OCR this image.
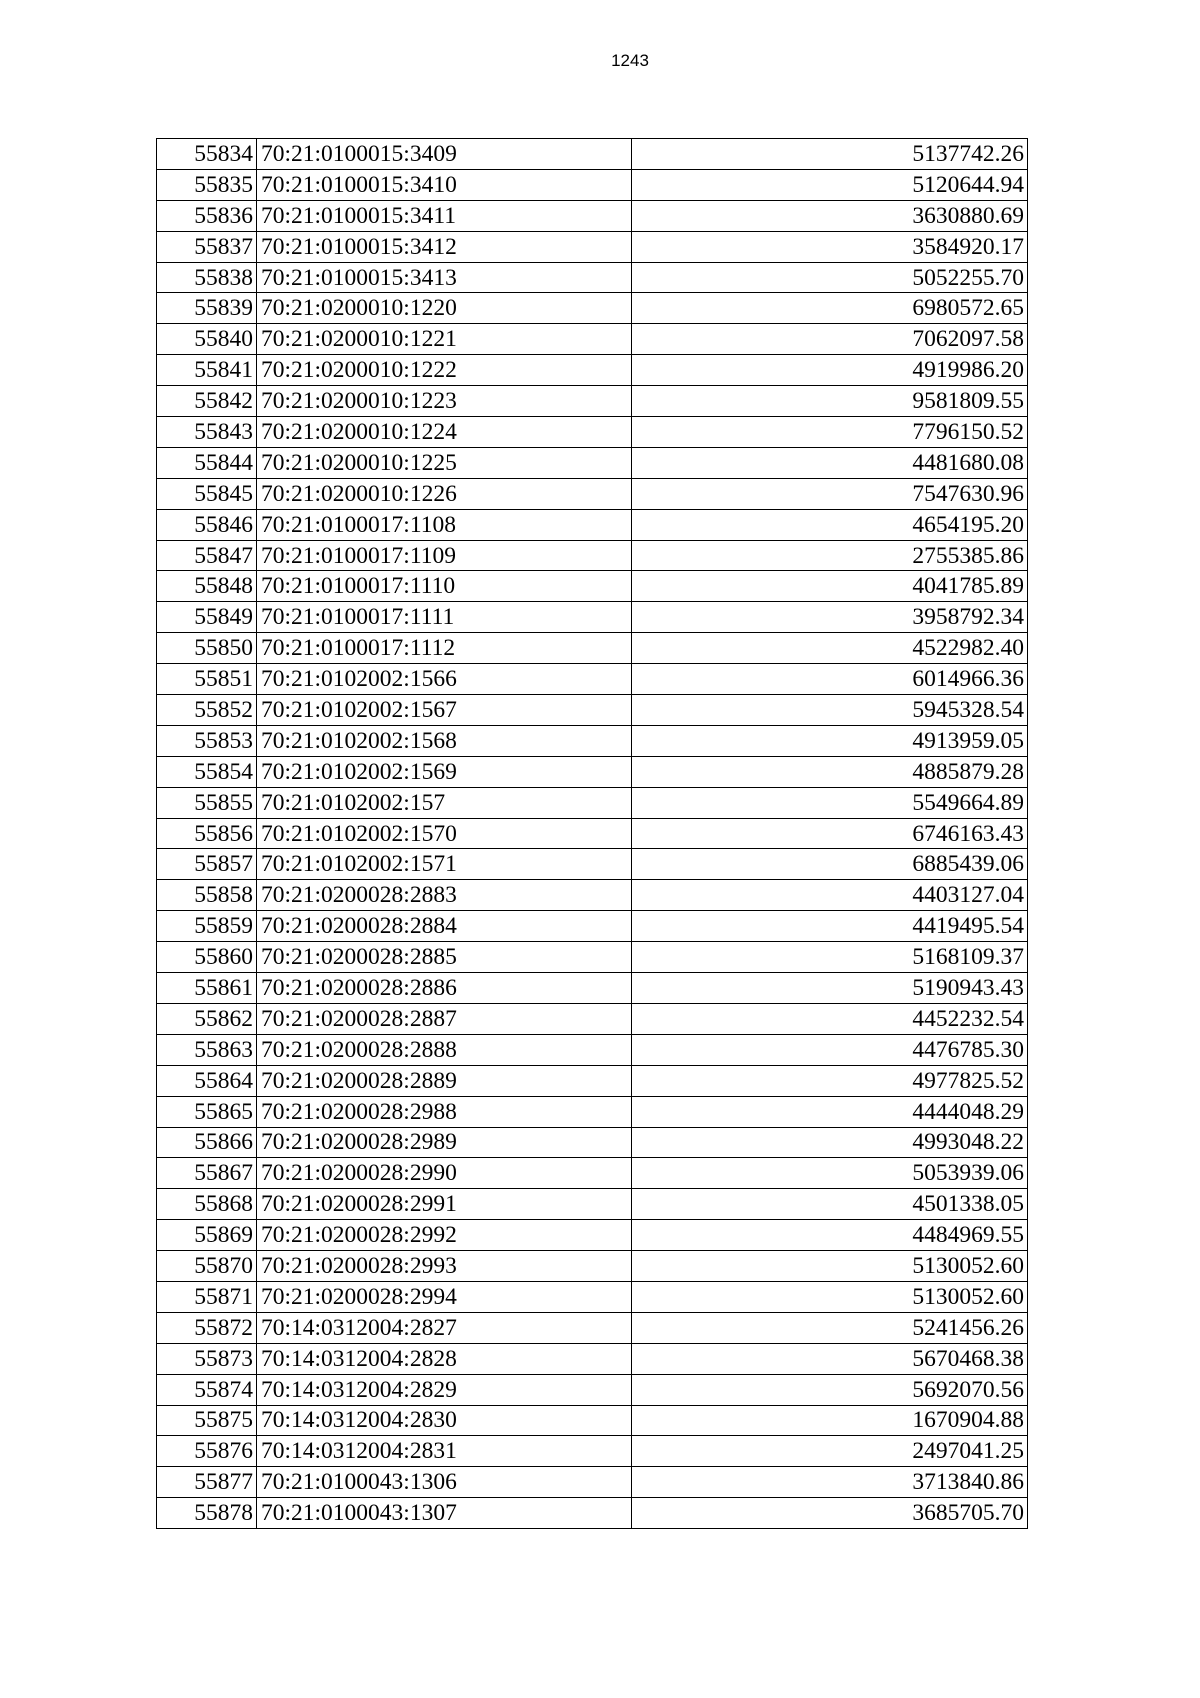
1243
55834	70:21:0100015:3409	5137742.26
55835	70:21:0100015:3410	5120644.94
55836	70:21:0100015:3411	3630880.69
55837	70:21:0100015:3412	3584920.17
55838	70:21:0100015:3413	5052255.70
55839	70:21:0200010:1220	6980572.65
55840	70:21:0200010:1221	7062097.58
55841	70:21:0200010:1222	4919986.20
55842	70:21:0200010:1223	9581809.55
55843	70:21:0200010:1224	7796150.52
55844	70:21:0200010:1225	4481680.08
55845	70:21:0200010:1226	7547630.96
55846	70:21:0100017:1108	4654195.20
55847	70:21:0100017:1109	2755385.86
55848	70:21:0100017:1110	4041785.89
55849	70:21:0100017:1111	3958792.34
55850	70:21:0100017:1112	4522982.40
55851	70:21:0102002:1566	6014966.36
55852	70:21:0102002:1567	5945328.54
55853	70:21:0102002:1568	4913959.05
55854	70:21:0102002:1569	4885879.28
55855	70:21:0102002:157	5549664.89
55856	70:21:0102002:1570	6746163.43
55857	70:21:0102002:1571	6885439.06
55858	70:21:0200028:2883	4403127.04
55859	70:21:0200028:2884	4419495.54
55860	70:21:0200028:2885	5168109.37
55861	70:21:0200028:2886	5190943.43
55862	70:21:0200028:2887	4452232.54
55863	70:21:0200028:2888	4476785.30
55864	70:21:0200028:2889	4977825.52
55865	70:21:0200028:2988	4444048.29
55866	70:21:0200028:2989	4993048.22
55867	70:21:0200028:2990	5053939.06
55868	70:21:0200028:2991	4501338.05
55869	70:21:0200028:2992	4484969.55
55870	70:21:0200028:2993	5130052.60
55871	70:21:0200028:2994	5130052.60
55872	70:14:0312004:2827	5241456.26
55873	70:14:0312004:2828	5670468.38
55874	70:14:0312004:2829	5692070.56
55875	70:14:0312004:2830	1670904.88
55876	70:14:0312004:2831	2497041.25
55877	70:21:0100043:1306	3713840.86
55878	70:21:0100043:1307	3685705.70
